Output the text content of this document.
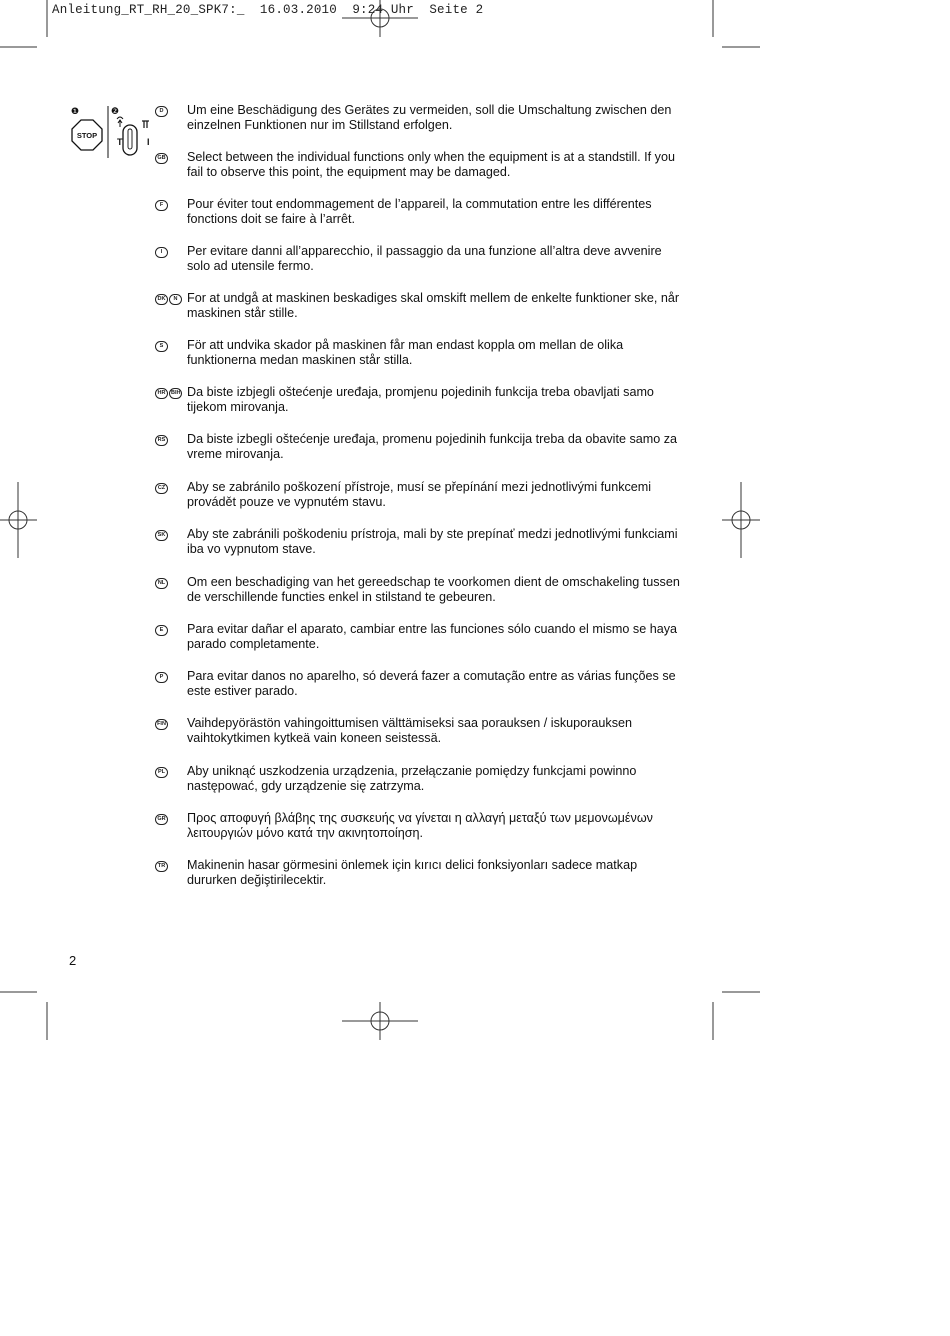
Anleitung_RT_RH_20_SPK7:_  16.03.2010  9:24 Uhr  Seite 2
❶	❷
STOP
T	I
D	Um eine Beschädigung des Gerätes zu vermeiden, soll die Umschaltung zwischen den einzelnen Funktionen nur im Stillstand erfolgen.
GB Select between the individual functions only when the equipment is at a standstill. If you fail to observe this point, the equipment may be damaged.
F	Pour éviter tout endommagement de l’appareil, la commutation entre les différentes fonctions doit se faire à l’arrêt.
I	Per evitare danni all’apparecchio, il passaggio da una funzione all’altra deve avvenire solo ad utensile fermo.
DK	N For at undgå at maskinen beskadiges skal omskift mellem de enkelte funktioner ske, når maskinen står stille.
S	För att undvika skador på maskinen får man endast koppla om mellan de olika funktionerna medan maskinen står stilla.
HR	BIH Da biste izbjegli oštećenje uređaja, promjenu pojedinih funkcija treba obavljati samo tijekom mirovanja.
RS Da biste izbegli oštećenje uređaja, promenu pojedinih funkcija treba da obavite samo za vreme mirovanja.
CZ Aby se zabránilo poškození přístroje, musí se přepínání mezi jednotlivými funkcemi provádět pouze ve vypnutém stavu.
SK Aby ste zabránili poškodeniu prístroja, mali by ste prepínať medzi jednotlivými funkciami iba vo vypnutom stave.
NL Om een beschadiging van het gereedschap te voorkomen dient de omschakeling tussen de verschillende functies enkel in stilstand te gebeuren.
E	Para evitar dañar el aparato, cambiar entre las funciones sólo cuando el mismo se haya parado completamente.
P	Para evitar danos no aparelho, só deverá fazer a comutação entre as várias funções se este estiver parado.
FIN Vaihdepyörästön vahingoittumisen välttämiseksi saa porauksen / iskuporauksen vaihtokytkimen kytkeä vain koneen seistessä.
PL Aby uniknąć uszkodzenia urządzenia, przełączanie pomiędzy funkcjami powinno następować, gdy urządzenie się zatrzyma.
GR Προς αποφυγή βλάβης της συσκευής να γίνεται η αλλαγή μεταξύ των μεμονωμένων λειτουργιών μόνο κατά την ακινητοποίηση.
TR Makinenin hasar görmesini önlemek için kırıcı delici fonksiyonları sadece matkap dururken değiştirilecektir.
2
